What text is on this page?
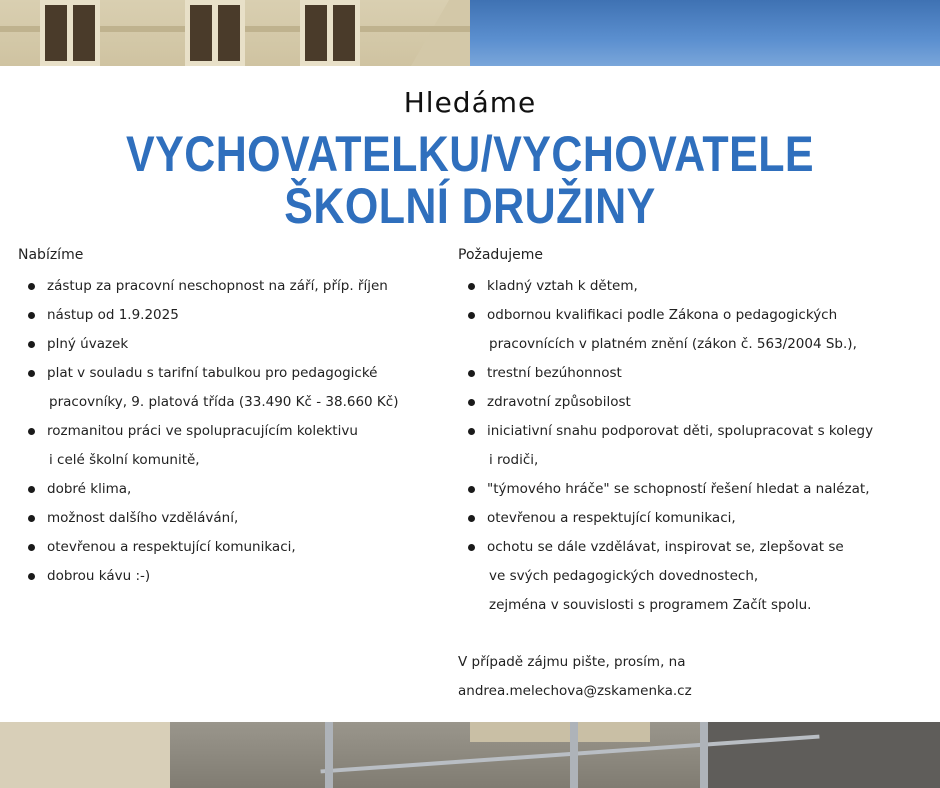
Hledáme
VYCHOVATELKU/VYCHOVATELE
ŠKOLNÍ DRUŽINY
Nabízíme
zástup za pracovní neschopnost na září, příp. říjen
nástup od 1.9.2025
plný úvazek
plat v souladu s tarifní tabulkou pro pedagogické
pracovníky, 9. platová třída (33.490 Kč - 38.660 Kč)
rozmanitou práci ve spolupracujícím kolektivu
i celé školní komunitě,
dobré klima,
možnost dalšího vzdělávání,
otevřenou a respektující komunikaci,
dobrou kávu :-)
Požadujeme
kladný vztah k dětem,
odbornou kvalifikaci podle Zákona o pedagogických
pracovnících v platném znění (zákon č. 563/2004 Sb.),
trestní bezúhonnost
zdravotní způsobilost
iniciativní snahu podporovat děti, spolupracovat s kolegy
i rodiči,
"týmového hráče" se schopností řešení hledat a nalézat,
otevřenou a respektující komunikaci,
ochotu se dále vzdělávat, inspirovat se, zlepšovat se
ve svých pedagogických dovednostech,
zejména v souvislosti s programem Začít spolu.
V případě zájmu pište, prosím, na
andrea.melechova@zskamenka.cz
